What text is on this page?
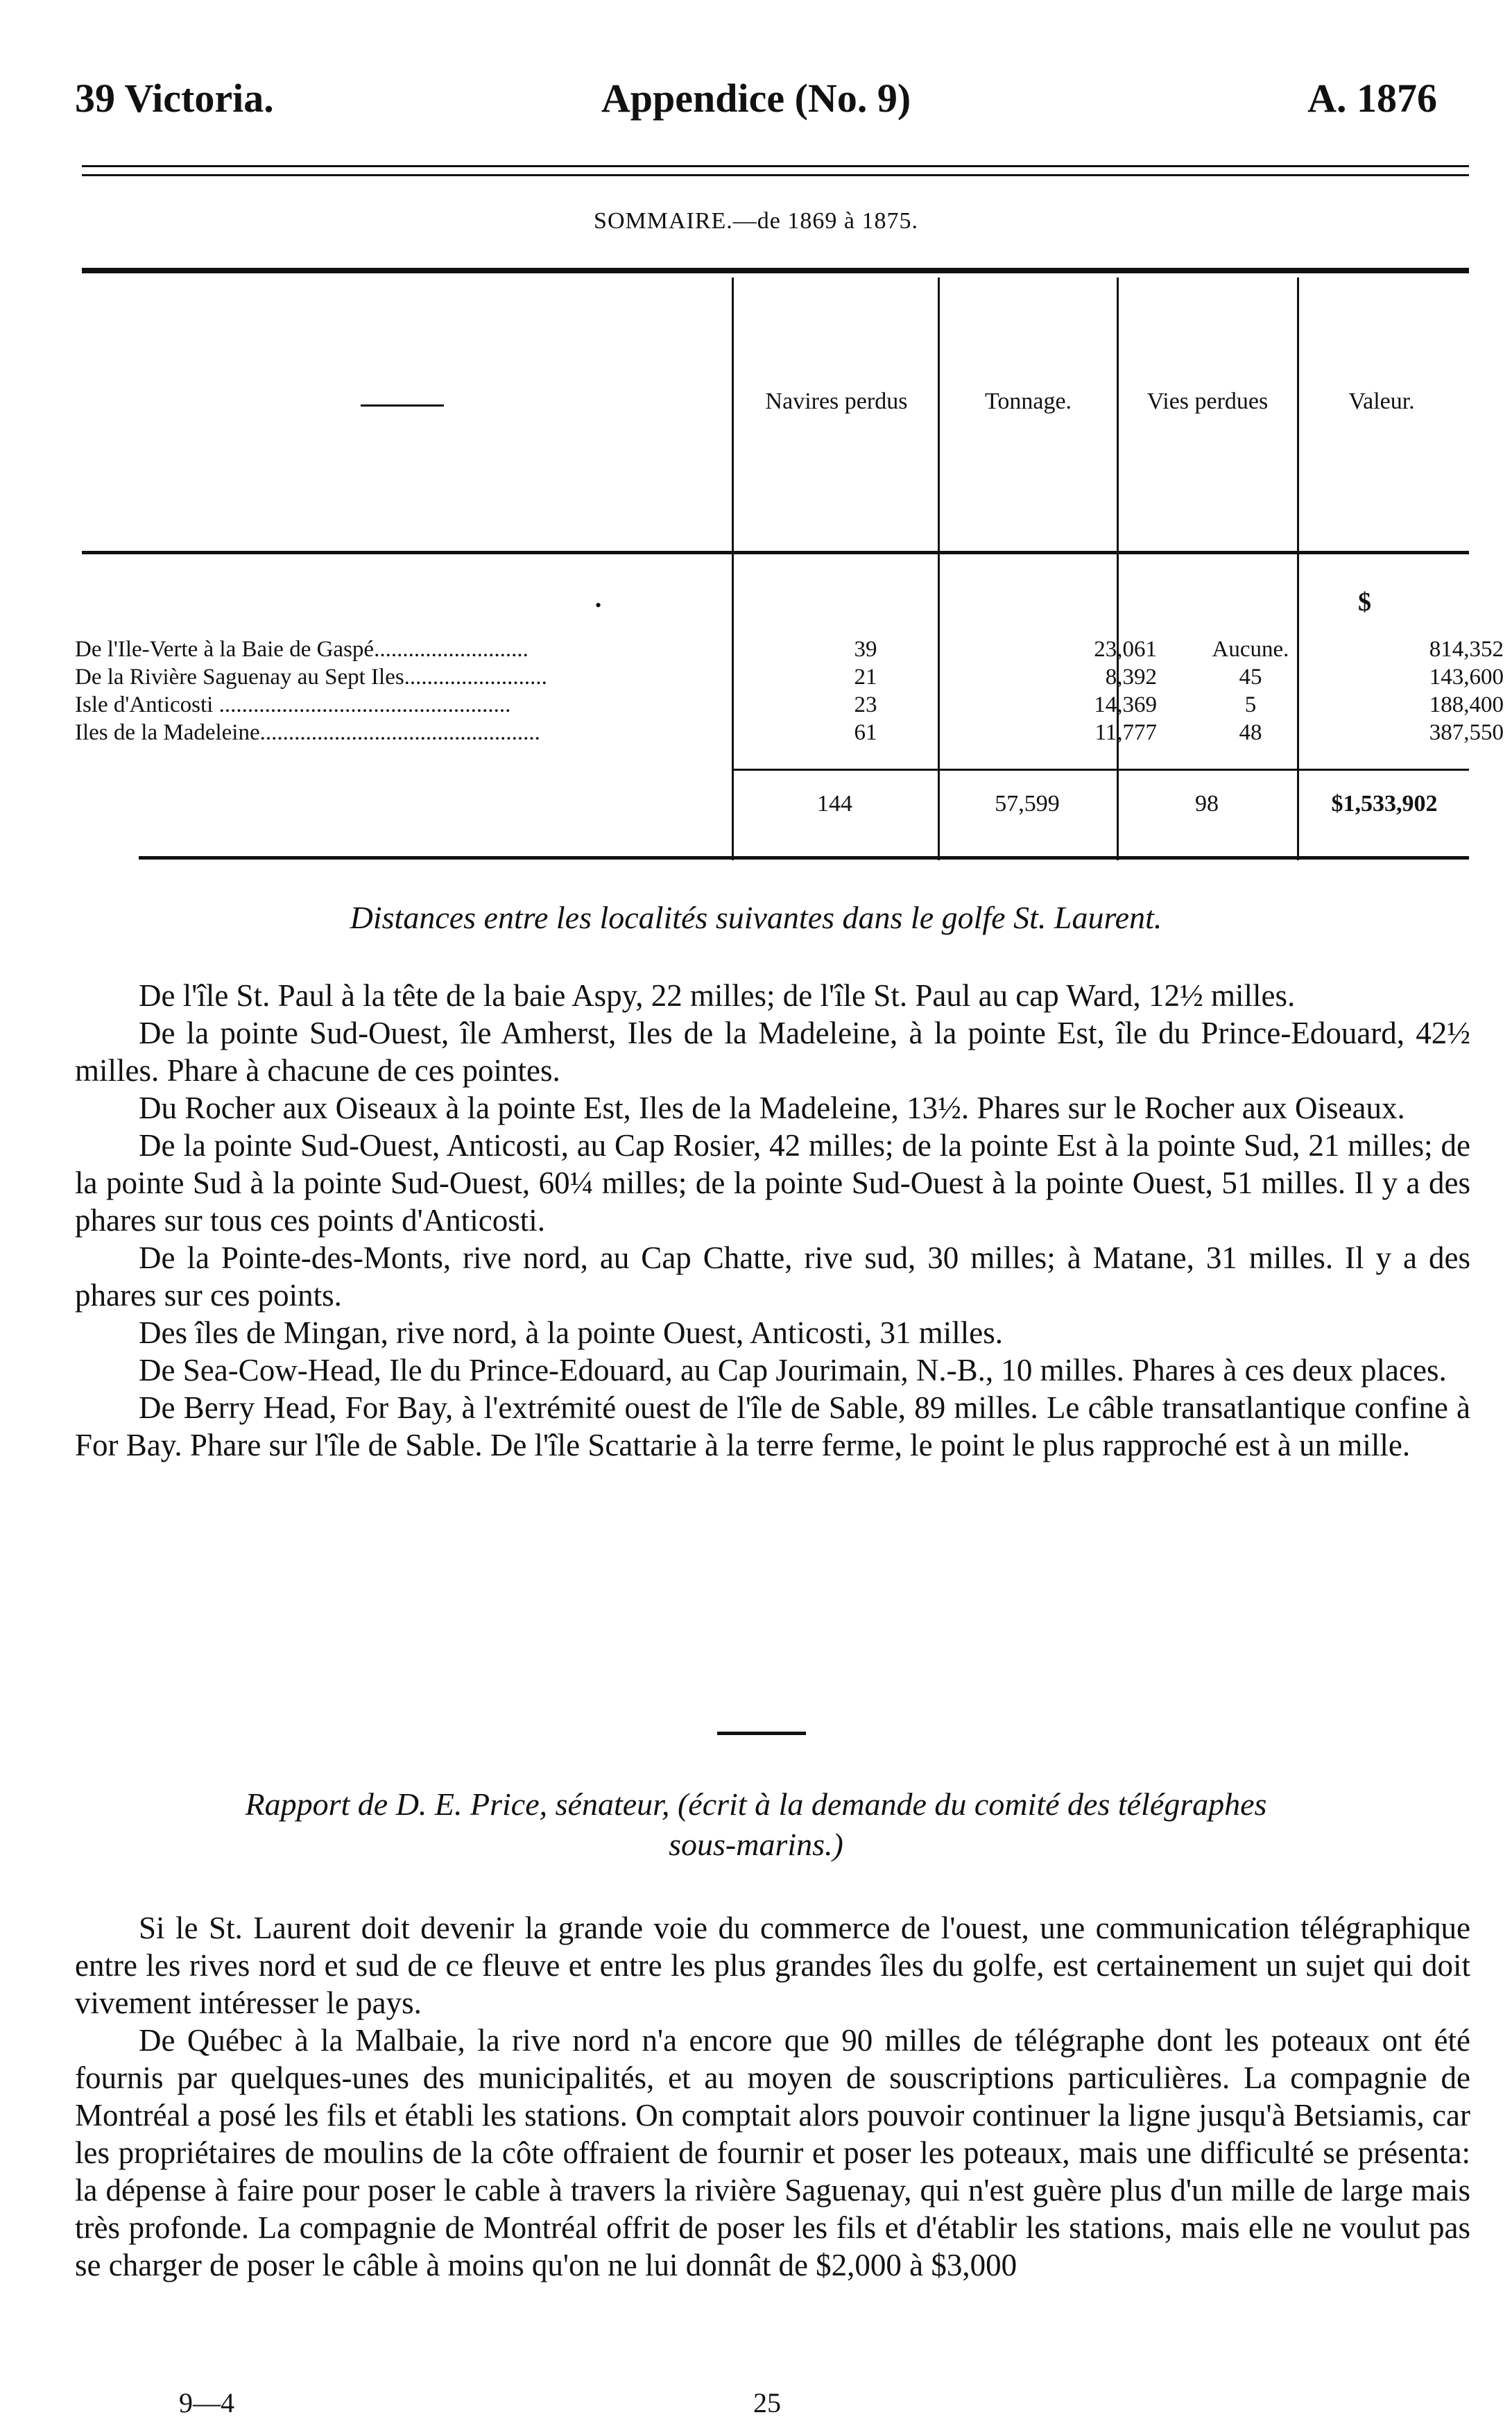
39 Victoria.	Appendice (No. 9)	A. 1876
SOMMAIRE.—de 1869 à 1875.
Navires perdus	Tonnage.	Vies perdues	Valeur.
•	$
De l'Ile-Verte à la Baie de Gaspé...........................	39	23,061	Aucune.	814,352
De la Rivière Saguenay au Sept Iles.........................	21	8,392	45	143,600
Isle d'Anticosti ...................................................	23	14,369	5	188,400
Iles de la Madeleine.................................................	61	11,777	48	387,550
144	57,599	98	$1,533,902
Distances entre les localités suivantes dans le golfe St. Laurent.

De l'île St. Paul à la tête de la baie Aspy, 22 milles; de l'île St. Paul au cap Ward, 12½ milles.

De la pointe Sud-Ouest, île Amherst, Iles de la Madeleine, à la pointe Est, île du Prince-Edouard, 42½ milles. Phare à chacune de ces pointes.

Du Rocher aux Oiseaux à la pointe Est, Iles de la Madeleine, 13½. Phares sur le Rocher aux Oiseaux.

De la pointe Sud-Ouest, Anticosti, au Cap Rosier, 42 milles; de la pointe Est à la pointe Sud, 21 milles; de la pointe Sud à la pointe Sud-Ouest, 60¼ milles; de la pointe Sud-Ouest à la pointe Ouest, 51 milles. Il y a des phares sur tous ces points d'Anticosti.

De la Pointe-des-Monts, rive nord, au Cap Chatte, rive sud, 30 milles; à Matane, 31 milles. Il y a des phares sur ces points.

Des îles de Mingan, rive nord, à la pointe Ouest, Anticosti, 31 milles.

De Sea-Cow-Head, Ile du Prince-Edouard, au Cap Jourimain, N.-B., 10 milles. Phares à ces deux places.

De Berry Head, For Bay, à l'extrémité ouest de l'île de Sable, 89 milles. Le câble transatlantique confine à For Bay. Phare sur l'île de Sable. De l'île Scattarie à la terre ferme, le point le plus rapproché est à un mille.

Rapport de D. E. Price, sénateur, (écrit à la demande du comité des télégraphes
sous-marins.)

Si le St. Laurent doit devenir la grande voie du commerce de l'ouest, une communication télégraphique entre les rives nord et sud de ce fleuve et entre les plus grandes îles du golfe, est certainement un sujet qui doit vivement intéresser le pays.

De Québec à la Malbaie, la rive nord n'a encore que 90 milles de télégraphe dont les poteaux ont été fournis par quelques-unes des municipalités, et au moyen de souscriptions particulières. La compagnie de Montréal a posé les fils et établi les stations. On comptait alors pouvoir continuer la ligne jusqu'à Betsiamis, car les propriétaires de moulins de la côte offraient de fournir et poser les poteaux, mais une difficulté se présenta: la dépense à faire pour poser le cable à travers la rivière Saguenay, qui n'est guère plus d'un mille de large mais très profonde. La compagnie de Montréal offrit de poser les fils et d'établir les stations, mais elle ne voulut pas se charger de poser le câble à moins qu'on ne lui donnât de $2,000 à $3,000

9—4	25
